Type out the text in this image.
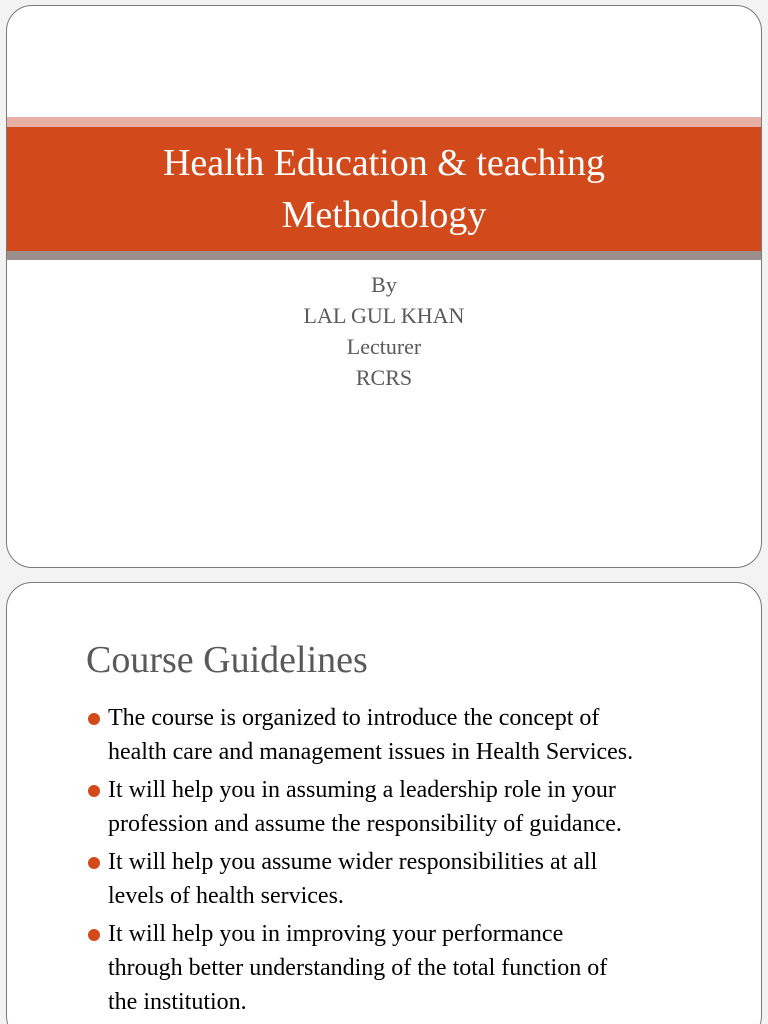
Health Education & teaching
Methodology
By
LAL GUL KHAN
Lecturer
RCRS
Course Guidelines
The course is organized to introduce the concept of
health care and management issues in Health Services.
It will help you in assuming a leadership role in your
profession and assume the responsibility of guidance.
It will help you assume wider responsibilities at all
levels of health services.
It will help you in improving your performance
through better understanding of the total function of
the institution.
